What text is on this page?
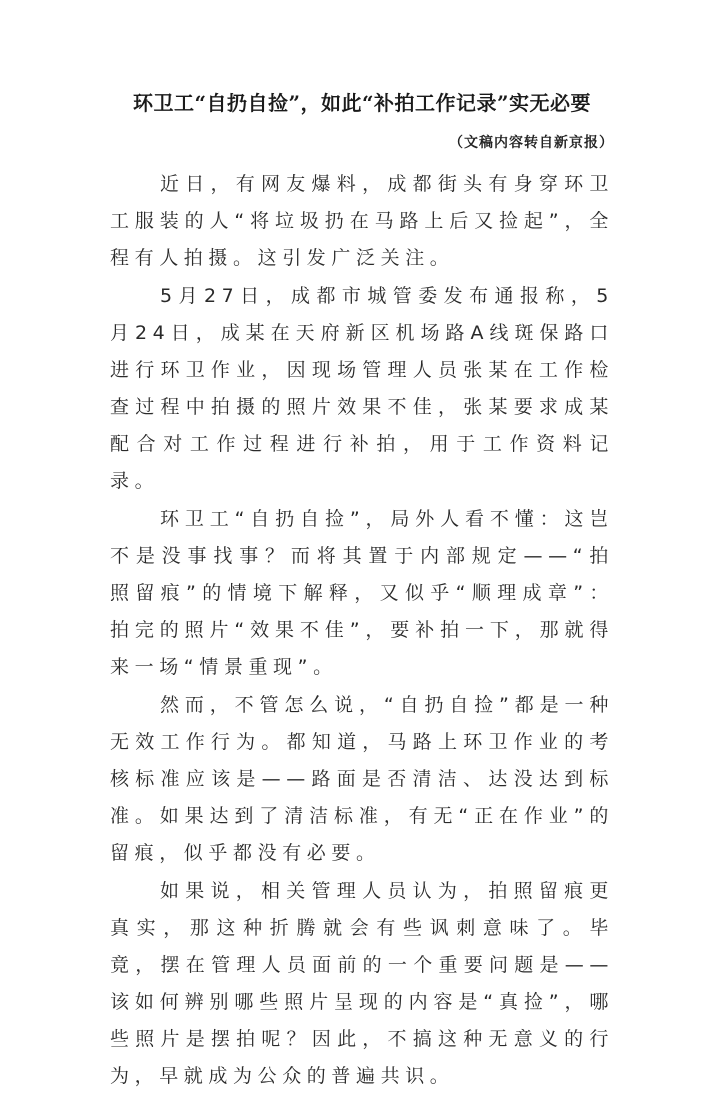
环卫工“自扔自捡”，如此“补拍工作记录”实无必要
（文稿内容转自新京报）

近日，有网友爆料，成都街头有身穿环卫工服装的人“将垃圾扔在马路上后又捡起”，全程有人拍摄。这引发广泛关注。

5月27日，成都市城管委发布通报称，5月24日，成某在天府新区机场路A线斑保路口进行环卫作业，因现场管理人员张某在工作检查过程中拍摄的照片效果不佳，张某要求成某配合对工作过程进行补拍，用于工作资料记录。

环卫工“自扔自捡”，局外人看不懂：这岂不是没事找事？而将其置于内部规定——“拍照留痕”的情境下解释，又似乎“顺理成章”：拍完的照片“效果不佳”，要补拍一下，那就得来一场“情景重现”。

然而，不管怎么说，“自扔自捡”都是一种无效工作行为。都知道，马路上环卫作业的考核标准应该是——路面是否清洁、达没达到标准。如果达到了清洁标准，有无“正在作业”的留痕，似乎都没有必要。

如果说，相关管理人员认为，拍照留痕更真实，那这种折腾就会有些讽刺意味了。毕竟，摆在管理人员面前的一个重要问题是——该如何辨别哪些照片呈现的内容是“真捡”，哪些照片是摆拍呢？因此，不搞这种无意义的行为，早就成为公众的普遍共识。
